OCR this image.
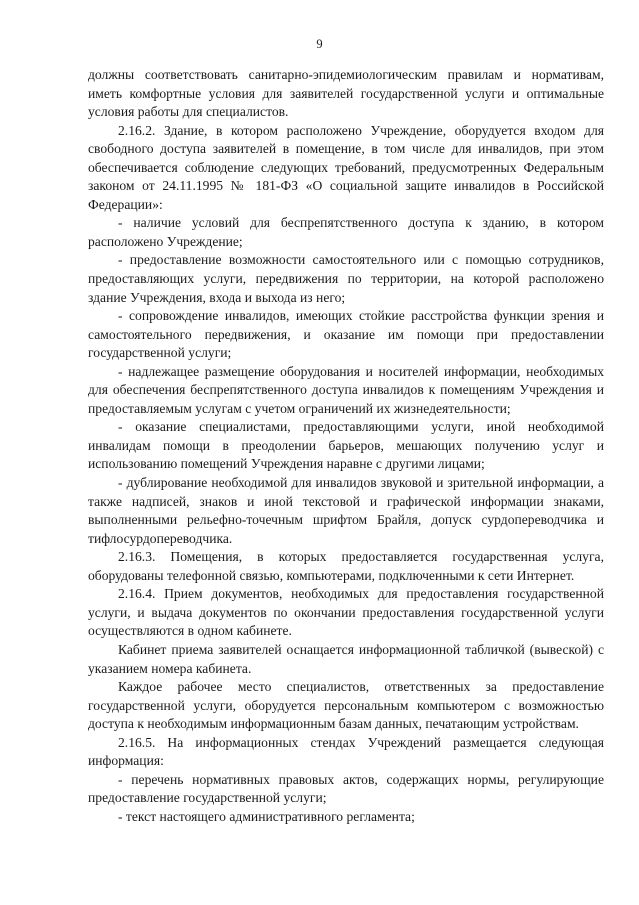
9

должны соответствовать санитарно-эпидемиологическим правилам и нормативам, иметь комфортные условия для заявителей государственной услуги и оптимальные условия работы для специалистов.

2.16.2. Здание, в котором расположено Учреждение, оборудуется входом для свободного доступа заявителей в помещение, в том числе для инвалидов, при этом обеспечивается соблюдение следующих требований, предусмотренных Федеральным законом от 24.11.1995 № 181-ФЗ «О социальной защите инвалидов в Российской Федерации»:

- наличие условий для беспрепятственного доступа к зданию, в котором расположено Учреждение;

- предоставление возможности самостоятельного или с помощью сотрудников, предоставляющих услуги, передвижения по территории, на которой расположено здание Учреждения, входа и выхода из него;

- сопровождение инвалидов, имеющих стойкие расстройства функции зрения и самостоятельного передвижения, и оказание им помощи при предоставлении государственной услуги;

- надлежащее размещение оборудования и носителей информации, необходимых для обеспечения беспрепятственного доступа инвалидов к помещениям Учреждения и предоставляемым услугам с учетом ограничений их жизнедеятельности;

- оказание специалистами, предоставляющими услуги, иной необходимой инвалидам помощи в преодолении барьеров, мешающих получению услуг и использованию помещений Учреждения наравне с другими лицами;

- дублирование необходимой для инвалидов звуковой и зрительной информации, а также надписей, знаков и иной текстовой и графической информации знаками, выполненными рельефно-точечным шрифтом Брайля, допуск сурдопереводчика и тифлосурдопереводчика.

2.16.3. Помещения, в которых предоставляется государственная услуга, оборудованы телефонной связью, компьютерами, подключенными к сети Интернет.

2.16.4. Прием документов, необходимых для предоставления государственной услуги, и выдача документов по окончании предоставления государственной услуги осуществляются в одном кабинете.

Кабинет приема заявителей оснащается информационной табличкой (вывеской) с указанием номера кабинета.

Каждое рабочее место специалистов, ответственных за предоставление государственной услуги, оборудуется персональным компьютером с возможностью доступа к необходимым информационным базам данных, печатающим устройствам.

2.16.5. На информационных стендах Учреждений размещается следующая информация:

- перечень нормативных правовых актов, содержащих нормы, регулирующие предоставление государственной услуги;

- текст настоящего административного регламента;
